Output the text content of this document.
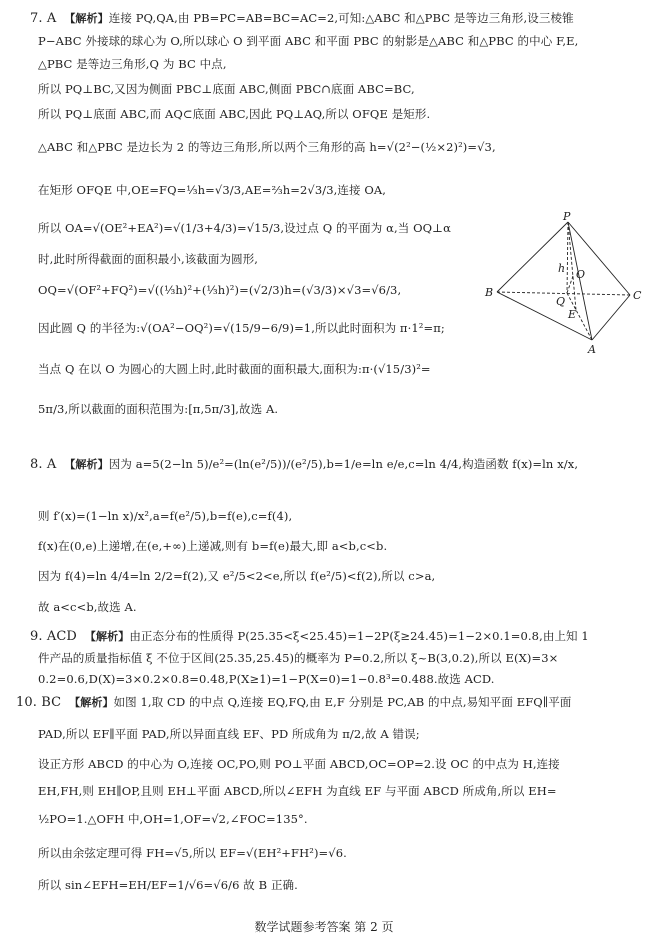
7. A 【解析】连接 PQ,QA,由 PB=PC=AB=BC=AC=2,可知:△ABC 和△PBC 是等边三角形,设三棱锥
P−ABC 外接球的球心为 O,所以球心 O 到平面 ABC 和平面 PBC 的射影是△ABC 和△PBC 的中心 F,E,
△PBC 是等边三角形,Q 为 BC 中点,
所以 PQ⊥BC,又因为侧面 PBC⊥底面 ABC,侧面 PBC∩底面 ABC=BC,
所以 PQ⊥底面 ABC,而 AQ⊂底面 ABC,因此 PQ⊥AQ,所以 OFQE 是矩形.
△ABC 和△PBC 是边长为 2 的等边三角形,所以两个三角形的高 h=√(2²−(½×2)²)=√3,
在矩形 OFQE 中,OE=FQ=⅓h=√3/3,AE=⅔h=2√3/3,连接 OA,
所以 OA=√(OE²+EA²)=√(1/3+4/3)=√15/3,设过点 Q 的平面为 α,当 OQ⊥α
时,此时所得截面的面积最小,该截面为圆形,
OQ=√(OF²+FQ²)=√((⅓h)²+(⅓h)²)=(√2/3)h=(√3/3)×√3=√6/3,
因此圆 Q 的半径为:√(OA²−OQ²)=√(15/9−6/9)=1,所以此时面积为 π·1²=π;
当点 Q 在以 O 为圆心的大圆上时,此时截面的面积最大,面积为:π·(√15/3)²=
5π/3,所以截面的面积范围为:[π,5π/3],故选 A.
P
B	C
A
O
Q
E
h
8. A 【解析】因为 a=5(2−ln 5)/e²=(ln(e²/5))/(e²/5),b=1/e=ln e/e,c=ln 4/4,构造函数 f(x)=ln x/x,
则 f′(x)=(1−ln x)/x²,a=f(e²/5),b=f(e),c=f(4),
f(x)在(0,e)上递增,在(e,+∞)上递减,则有 b=f(e)最大,即 a<b,c<b.
因为 f(4)=ln 4/4=ln 2/2=f(2),又 e²/5<2<e,所以 f(e²/5)<f(2),所以 c>a,
故 a<c<b,故选 A.
9. ACD 【解析】由正态分布的性质得 P(25.35<ξ<25.45)=1−2P(ξ≥24.45)=1−2×0.1=0.8,由上知 1
件产品的质量指标值 ξ 不位于区间(25.35,25.45)的概率为 P=0.2,所以 ξ~B(3,0.2),所以 E(X)=3×
0.2=0.6,D(X)=3×0.2×0.8=0.48,P(X≥1)=1−P(X=0)=1−0.8³=0.488.故选 ACD.
10. BC 【解析】如图 1,取 CD 的中点 Q,连接 EQ,FQ,由 E,F 分别是 PC,AB 的中点,易知平面 EFQ∥平面
PAD,所以 EF∥平面 PAD,所以异面直线 EF、PD 所成角为 π/2,故 A 错误;
设正方形 ABCD 的中心为 O,连接 OC,PO,则 PO⊥平面 ABCD,OC=OP=2.设 OC 的中点为 H,连接
EH,FH,则 EH∥OP,且则 EH⊥平面 ABCD,所以∠EFH 为直线 EF 与平面 ABCD 所成角,所以 EH=
½PO=1.△OFH 中,OH=1,OF=√2,∠FOC=135°.
所以由余弦定理可得 FH=√5,所以 EF=√(EH²+FH²)=√6.
所以 sin∠EFH=EH/EF=1/√6=√6/6 故 B 正确.
数学试题参考答案 第 2 页
